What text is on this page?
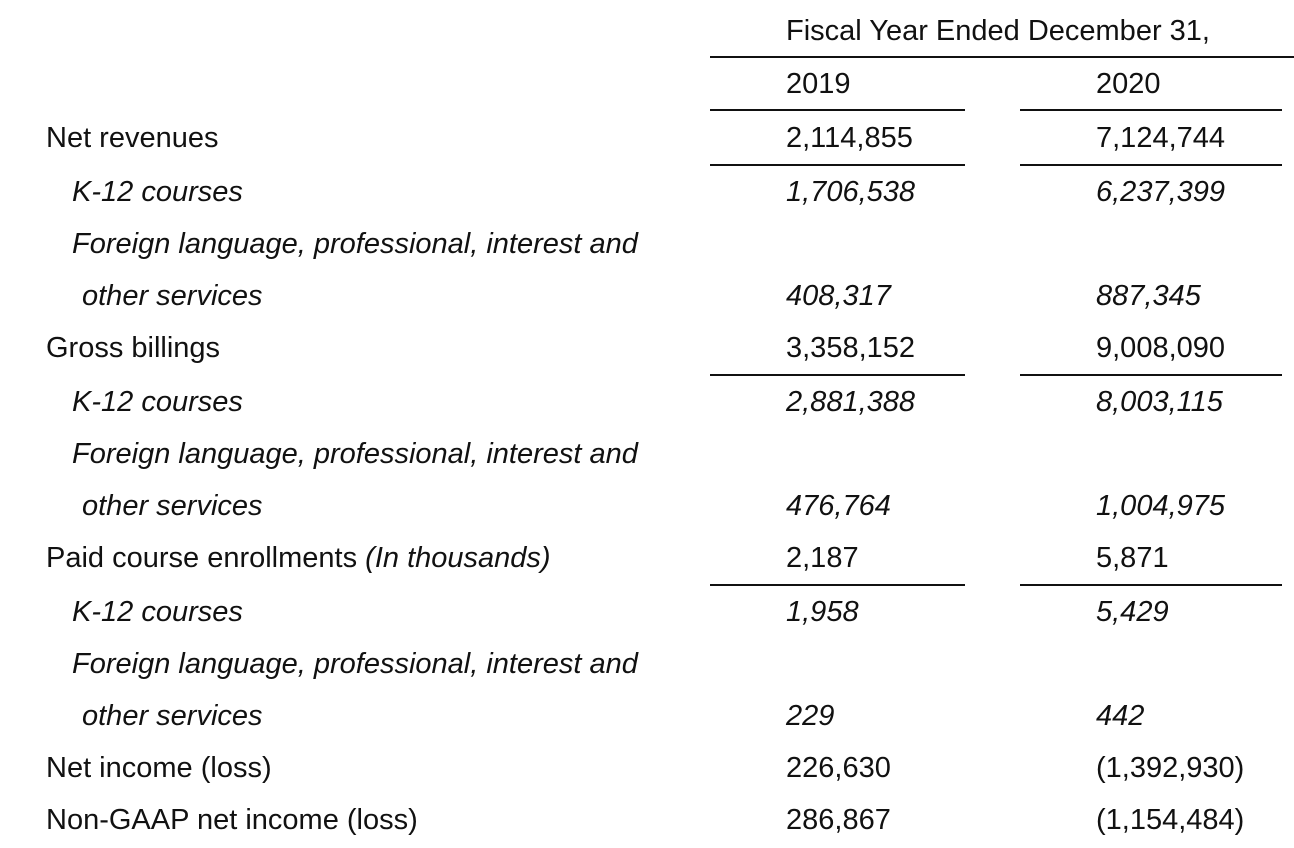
Fiscal Year Ended December 31,
2019	2020
Net revenues	2,114,855	7,124,744
K-12 courses	1,706,538	6,237,399
Foreign language, professional, interest and
other services	408,317	887,345
Gross billings	3,358,152	9,008,090
K-12 courses	2,881,388	8,003,115
Foreign language, professional, interest and
other services	476,764	1,004,975
Paid course enrollments (In thousands)	2,187	5,871
K-12 courses	1,958	5,429
Foreign language, professional, interest and
other services	229	442
Net income (loss)	226,630	(1,392,930)
Non-GAAP net income (loss)	286,867	(1,154,484)
